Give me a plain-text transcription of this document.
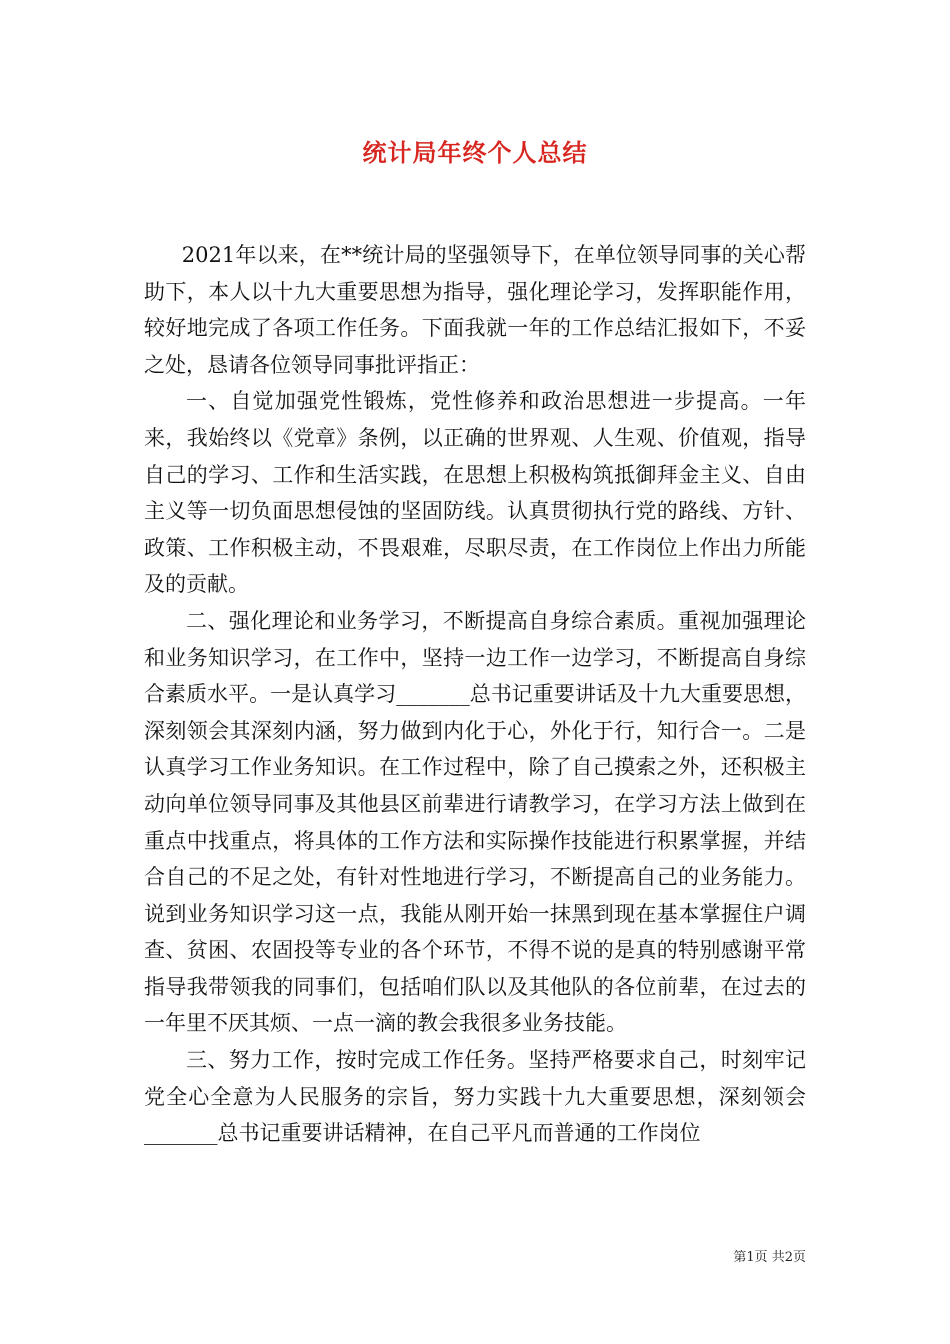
统计局年终个人总结

2021年以来，在**统计局的坚强领导下，在单位领导同事的关心帮助下，本人以十九大重要思想为指导，强化理论学习，发挥职能作用，较好地完成了各项工作任务。下面我就一年的工作总结汇报如下，不妥之处，恳请各位领导同事批评指正：

一、自觉加强党性锻炼，党性修养和政治思想进一步提高。一年来，我始终以《党章》条例，以正确的世界观、人生观、价值观，指导自己的学习、工作和生活实践，在思想上积极构筑抵御拜金主义、自由主义等一切负面思想侵蚀的坚固防线。认真贯彻执行党的路线、方针、政策、工作积极主动，不畏艰难，尽职尽责，在工作岗位上作出力所能及的贡献。

二、强化理论和业务学习，不断提高自身综合素质。重视加强理论和业务知识学习，在工作中，坚持一边工作一边学习，不断提高自身综合素质水平。一是认真学习_______总书记重要讲话及十九大重要思想，深刻领会其深刻内涵，努力做到内化于心，外化于行，知行合一。二是认真学习工作业务知识。在工作过程中，除了自己摸索之外，还积极主动向单位领导同事及其他县区前辈进行请教学习，在学习方法上做到在重点中找重点，将具体的工作方法和实际操作技能进行积累掌握，并结合自己的不足之处，有针对性地进行学习，不断提高自己的业务能力。说到业务知识学习这一点，我能从刚开始一抹黑到现在基本掌握住户调查、贫困、农固投等专业的各个环节，不得不说的是真的特别感谢平常指导我带领我的同事们，包括咱们队以及其他队的各位前辈，在过去的一年里不厌其烦、一点一滴的教会我很多业务技能。

三、努力工作，按时完成工作任务。坚持严格要求自己，时刻牢记党全心全意为人民服务的宗旨，努力实践十九大重要思想，深刻领会_______总书记重要讲话精神，在自己平凡而普通的工作岗位

第1页 共2页
